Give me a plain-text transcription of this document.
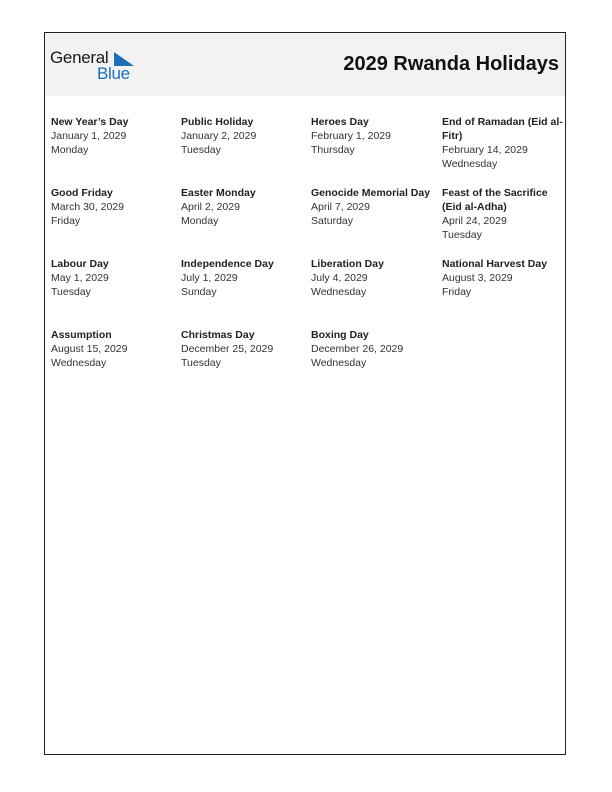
General
Blue	2029 Rwanda Holidays
New Year’s Day
January 1, 2029
Monday
Public Holiday
January 2, 2029
Tuesday
Heroes Day
February 1, 2029
Thursday
End of Ramadan (Eid al-Fitr)
February 14, 2029
Wednesday
Good Friday
March 30, 2029
Friday
Easter Monday
April 2, 2029
Monday
Genocide Memorial Day
April 7, 2029
Saturday
Feast of the Sacrifice (Eid al-Adha)
April 24, 2029
Tuesday
Labour Day
May 1, 2029
Tuesday
Independence Day
July 1, 2029
Sunday
Liberation Day
July 4, 2029
Wednesday
National Harvest Day
August 3, 2029
Friday
Assumption
August 15, 2029
Wednesday
Christmas Day
December 25, 2029
Tuesday
Boxing Day
December 26, 2029
Wednesday
